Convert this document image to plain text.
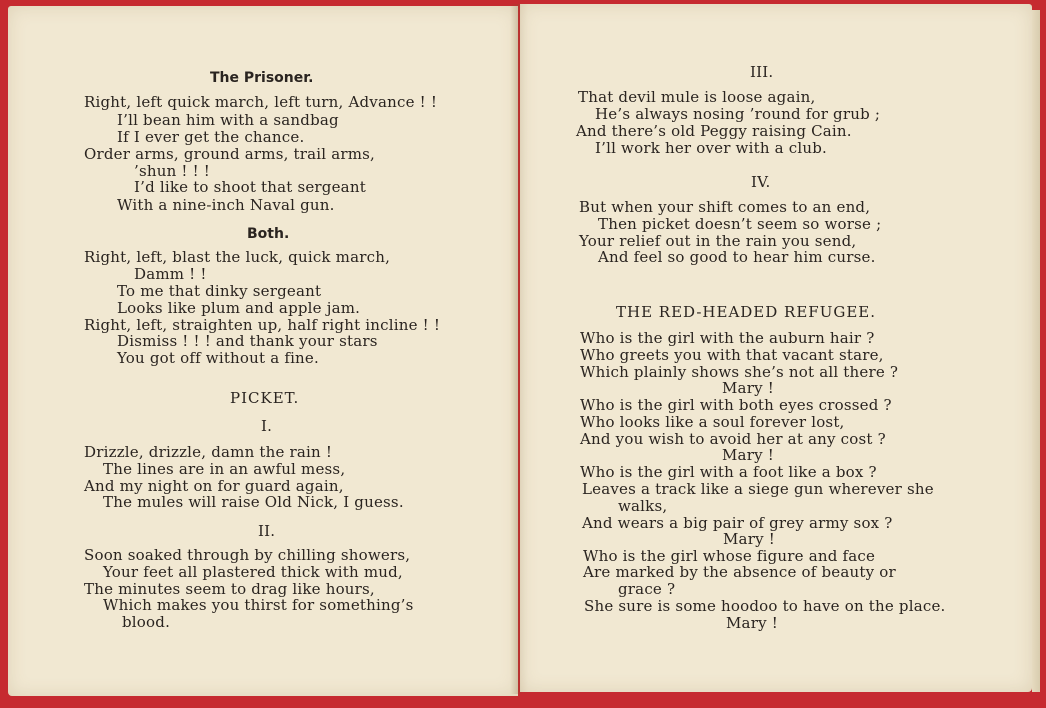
The Prisoner.
Right, left quick march, left turn, Advance ! !
I’ll bean him with a sandbag
If I ever get the chance.
Order arms, ground arms, trail arms,
’shun ! ! !
I’d like to shoot that sergeant
With a nine-inch Naval gun.
Both.
Right, left, blast the luck, quick march,
Damm ! !
To me that dinky sergeant
Looks like plum and apple jam.
Right, left, straighten up, half right incline ! !
Dismiss ! ! ! and thank your stars
You got off without a fine.
PICKET.
I.
Drizzle, drizzle, damn the rain !
The lines are in an awful mess,
And my night on for guard again,
The mules will raise Old Nick, I guess.
II.
Soon soaked through by chilling showers,
Your feet all plastered thick with mud,
The minutes seem to drag like hours,
Which makes you thirst for something’s
blood.
III.
That devil mule is loose again,
He’s always nosing ’round for grub ;
And there’s old Peggy raising Cain.
I’ll work her over with a club.
IV.
But when your shift comes to an end,
Then picket doesn’t seem so worse ;
Your relief out in the rain you send,
And feel so good to hear him curse.
THE RED-HEADED REFUGEE.
Who is the girl with the auburn hair ?
Who greets you with that vacant stare,
Which plainly shows she’s not all there ?
Mary !
Who is the girl with both eyes crossed ?
Who looks like a soul forever lost,
And you wish to avoid her at any cost ?
Mary !
Who is the girl with a foot like a box ?
Leaves a track like a siege gun wherever she
walks,
And wears a big pair of grey army sox ?
Mary !
Who is the girl whose figure and face
Are marked by the absence of beauty or
grace ?
She sure is some hoodoo to have on the place.
Mary !
